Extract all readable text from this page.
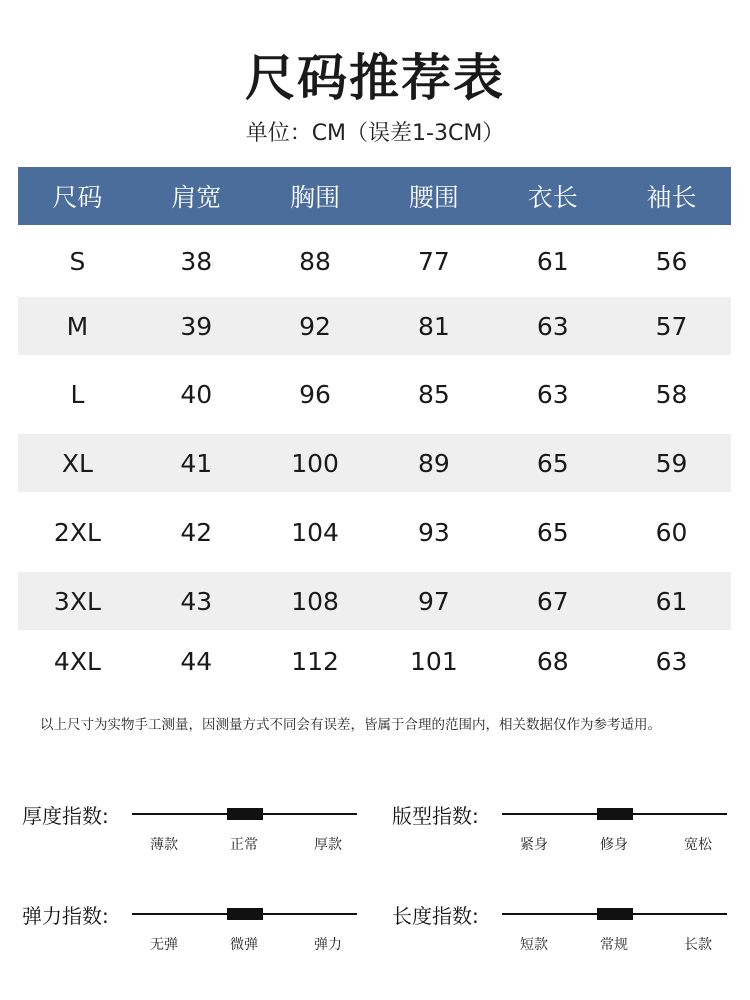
尺码推荐表
单位：CM（误差1-3CM）
尺码	肩宽	胸围	腰围	衣长	袖长
S	38	88	77	61	56
M	39	92	81	63	57
L	40	96	85	63	58
XL	41	100	89	65	59
2XL	42	104	93	65	60
3XL	43	108	97	67	61
4XL	44	112	101	68	63
以上尺寸为实物手工测量，因测量方式不同会有误差，皆属于合理的范围内，相关数据仅作为参考适用。
厚度指数:
薄款	正常	厚款
版型指数:
紧身	修身	宽松
弹力指数:
无弹	微弹	弹力
长度指数:
短款	常规	长款
